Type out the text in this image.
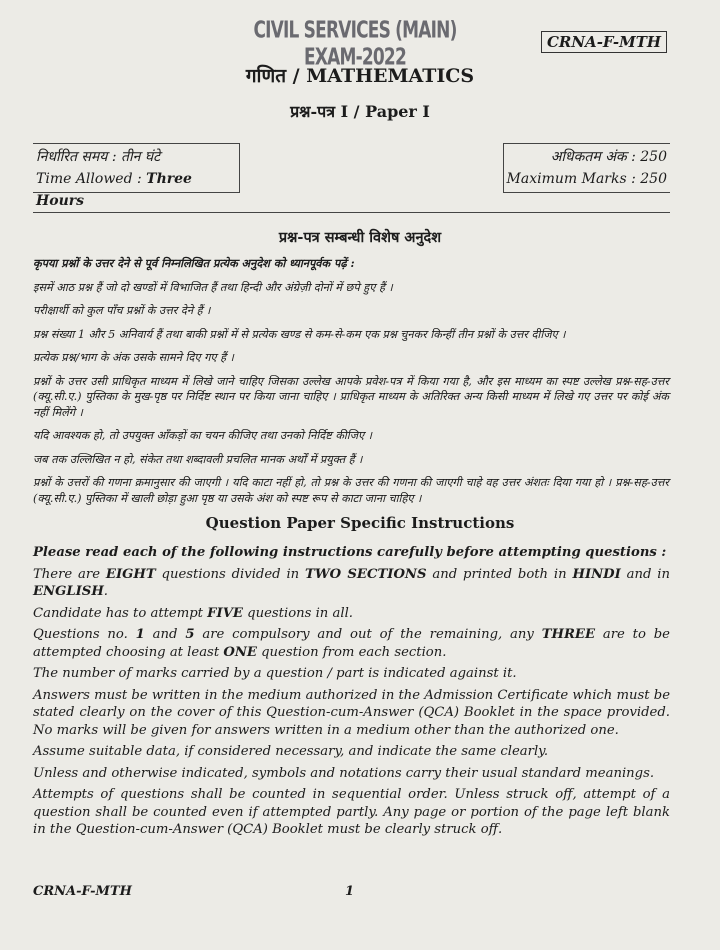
CIVIL SERVICES (MAIN) EXAM-2022
CRNA-F-MTH
गणित / MATHEMATICS
प्रश्न-पत्र I / Paper I
निर्धारित समय : तीन घंटे
Time Allowed : Three Hours
अधिकतम अंक : 250
Maximum Marks : 250
प्रश्न-पत्र सम्बन्धी विशेष अनुदेश

कृपया प्रश्नों के उत्तर देने से पूर्व निम्नलिखित प्रत्येक अनुदेश को ध्यानपूर्वक पढ़ें :

इसमें आठ प्रश्न हैं जो दो खण्डों में विभाजित हैं तथा हिन्दी और अंग्रेज़ी दोनों में छपे हुए हैं ।

परीक्षार्थी को कुल पाँच प्रश्नों के उत्तर देने हैं ।

प्रश्न संख्या 1 और 5 अनिवार्य हैं तथा बाकी प्रश्नों में से प्रत्येक खण्ड से कम-से-कम एक प्रश्न चुनकर किन्हीं तीन प्रश्नों के उत्तर दीजिए ।

प्रत्येक प्रश्न/भाग के अंक उसके सामने दिए गए हैं ।

प्रश्नों के उत्तर उसी प्राधिकृत माध्यम में लिखे जाने चाहिए जिसका उल्लेख आपके प्रवेश-पत्र में किया गया है, और इस माध्यम का स्पष्ट उल्लेख प्रश्न-सह-उत्तर (क्यू.सी.ए.) पुस्तिका के मुख-पृष्ठ पर निर्दिष्ट स्थान पर किया जाना चाहिए । प्राधिकृत माध्यम के अतिरिक्त अन्य किसी माध्यम में लिखे गए उत्तर पर कोई अंक नहीं मिलेंगे ।

यदि आवश्यक हो, तो उपयुक्त आँकड़ों का चयन कीजिए तथा उनको निर्दिष्ट कीजिए ।

जब तक उल्लिखित न हो, संकेत तथा शब्दावली प्रचलित मानक अर्थों में प्रयुक्त हैं ।

प्रश्नों के उत्तरों की गणना क्रमानुसार की जाएगी । यदि काटा नहीं हो, तो प्रश्न के उत्तर की गणना की जाएगी चाहे वह उत्तर अंशतः दिया गया हो । प्रश्न-सह-उत्तर (क्यू.सी.ए.) पुस्तिका में खाली छोड़ा हुआ पृष्ठ या उसके अंश को स्पष्ट रूप से काटा जाना चाहिए ।

Question Paper Specific Instructions

Please read each of the following instructions carefully before attempting questions :

There are EIGHT questions divided in TWO SECTIONS and printed both in HINDI and in ENGLISH.

Candidate has to attempt FIVE questions in all.

Questions no. 1 and 5 are compulsory and out of the remaining, any THREE are to be attempted choosing at least ONE question from each section.

The number of marks carried by a question / part is indicated against it.

Answers must be written in the medium authorized in the Admission Certificate which must be stated clearly on the cover of this Question-cum-Answer (QCA) Booklet in the space provided. No marks will be given for answers written in a medium other than the authorized one.

Assume suitable data, if considered necessary, and indicate the same clearly.

Unless and otherwise indicated, symbols and notations carry their usual standard meanings.

Attempts of questions shall be counted in sequential order. Unless struck off, attempt of a question shall be counted even if attempted partly. Any page or portion of the page left blank in the Question-cum-Answer (QCA) Booklet must be clearly struck off.

CRNA-F-MTH	1
